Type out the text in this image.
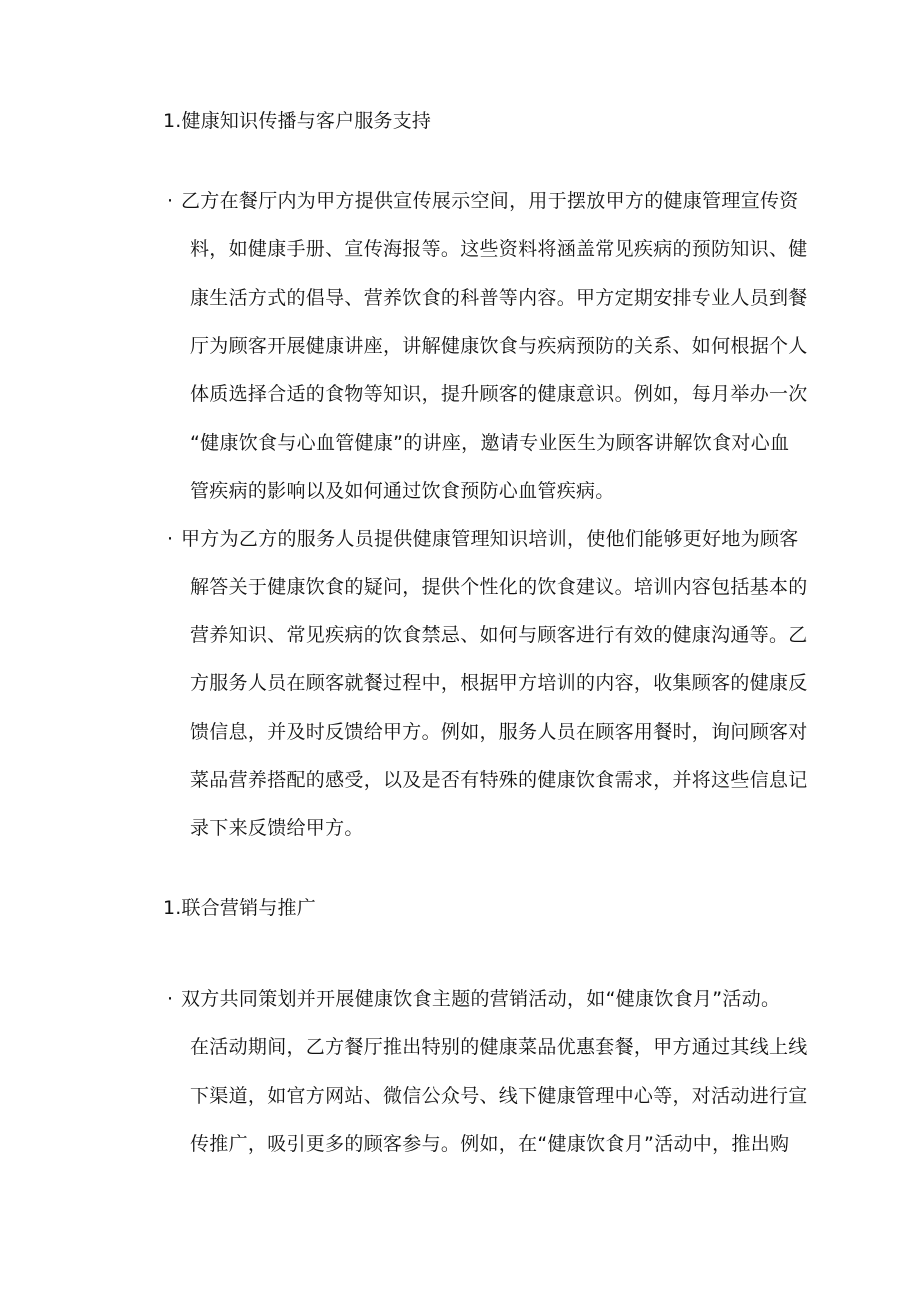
1.健康知识传播与客户服务支持
· 乙方在餐厅内为甲方提供宣传展示空间，用于摆放甲方的健康管理宣传资
料，如健康手册、宣传海报等。这些资料将涵盖常见疾病的预防知识、健
康生活方式的倡导、营养饮食的科普等内容。甲方定期安排专业人员到餐
厅为顾客开展健康讲座，讲解健康饮食与疾病预防的关系、如何根据个人
体质选择合适的食物等知识，提升顾客的健康意识。例如，每月举办一次
“健康饮食与心血管健康”的讲座，邀请专业医生为顾客讲解饮食对心血
管疾病的影响以及如何通过饮食预防心血管疾病。
· 甲方为乙方的服务人员提供健康管理知识培训，使他们能够更好地为顾客
解答关于健康饮食的疑问，提供个性化的饮食建议。培训内容包括基本的
营养知识、常见疾病的饮食禁忌、如何与顾客进行有效的健康沟通等。乙
方服务人员在顾客就餐过程中，根据甲方培训的内容，收集顾客的健康反
馈信息，并及时反馈给甲方。例如，服务人员在顾客用餐时，询问顾客对
菜品营养搭配的感受，以及是否有特殊的健康饮食需求，并将这些信息记
录下来反馈给甲方。
1.联合营销与推广
· 双方共同策划并开展健康饮食主题的营销活动，如“健康饮食月”活动。
在活动期间，乙方餐厅推出特别的健康菜品优惠套餐，甲方通过其线上线
下渠道，如官方网站、微信公众号、线下健康管理中心等，对活动进行宣
传推广，吸引更多的顾客参与。例如，在“健康饮食月”活动中，推出购
